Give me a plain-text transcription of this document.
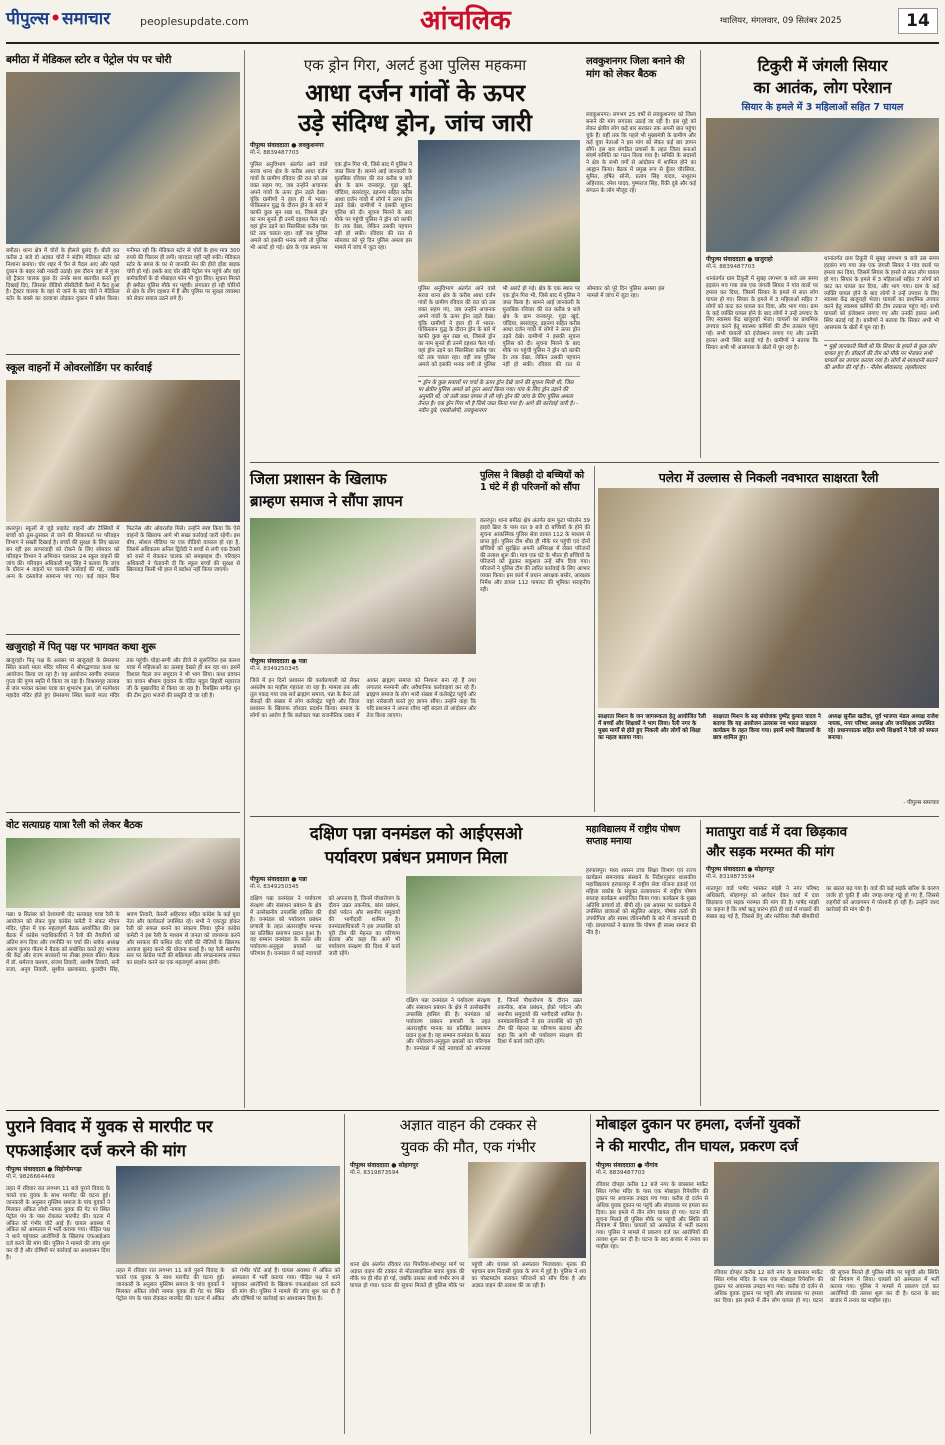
पीपुल्स • समाचार	peoplesupdate.com	आंचलिक	ग्वालियर, मंगलवार, 09 सितंबर 2025	14
बमीठा में मेडिकल स्टोर व पेट्रोल पंप पर चोरी
बमीठा। थाना क्षेत्र में चोरों के हौसले बुलंद हैं। बीती रात करीब 2 बजे दो अज्ञात चोरों ने संदीप मेडिकल स्टोर को निशाना बनाया। चोर शहर में चैन से पैदल आए और पहले दुकान के बाहर रखी नकदी उठाई। इस दौरान वहां से गुजर रहे ट्रैक्टर चालक कुछ देर उनके साथ बातचीत करते हुए दिखाई दिए, जिसका वीडियो सीसीटीवी कैमरे में कैद हुआ है। ट्रैक्टर चालक के वहां से जाने के बाद चोरों ने मेडिकल स्टोर के बक्से का दरवाजा तोड़कर दुकान में प्रवेश किया। गनीमत रही कि मेडिकल स्टोर से चोरों के हाथ मात्र 300 रुपये की चिल्लर ही लगी। वारदात यहीं नहीं रुकी। मेडिकल स्टोर के बगल के घर से जानकी सेन की हीरो होंडा बाइक चोरी हो गई। इसके बाद चोर खैरी पेट्रोल पंप पहुंचे और वहां कर्मचारियों के दो मोबाइल फोन भी चुरा लिए। सूचना मिलते ही बमीठा पुलिस मौके पर पहुंची। लगातार हो रही चोरियों से क्षेत्र के लोग दहशत में हैं और पुलिस पर सुरक्षा व्यवस्था को लेकर सवाल उठने लगे हैं।
स्कूल वाहनों में ओवरलोडिंग पर कार्रवाई
छतरपुर। स्कूलों से जुड़े प्राइवेट वाहनों और टैक्सियों में बच्चों को ठूस-ठूसकर ले जाने की शिकायतों पर परिवहन विभाग ने सख्ती दिखाई है। बच्चों की सुरक्षा के लिए खतरा बन रही इस लापरवाही को रोकने के लिए सोमवार को परिवहन विभाग ने अभियान चलाकर 24 स्कूल वाहनों की जांच की। परिवहन अधिकारी मधु सिंह ने बताया कि जांच के दौरान 4 वाहनों पर चालानी कार्रवाई की गई, जबकि अन्य के दस्तावेज सामान्य पाए गए। कई वाहन बिना फिटनेस और ओवरलोड मिले। उन्होंने स्पष्ट किया कि ऐसे वाहनों के खिलाफ आगे भी सख्त कार्रवाई जारी रहेगी। इस बीच, सोशल मीडिया पर एक वीडियो वायरल हो रहा है, जिसमें अधिकतम अनिल द्विवेदी ने बच्चों से लगी एक टैक्सी को रास्ते में रोककर चालक को समझाइश दी। परिवहन अधिकारी ने चेतावनी दी कि स्कूल बच्चों की सुरक्षा से खिलवाड़ किसी भी हाल में बर्दाश्त नहीं किया जाएगा।
खजुराहो में पितृ पक्ष पर भागवत कथा शुरू
खजुराहो। पितृ पक्ष के अवसर पर खजुराहो के प्रेमसागर स्थित कालो माता मंदिर परिसर में श्रीमद्भागवत कथा का आयोजन किया जा रहा है। यह आयोजन स्वर्गीय रामलाल गुप्ता की पुण्य स्मृति में किया जा रहा है। विश्रामगृह तालाब से जल भरकर कलश यात्रा का शुभारंभ हुआ, जो मतंगेश्वर महादेव मंदिर होते हुए प्रेमसागर स्थित कालो माता मंदिर तक पहुंची। घोड़ा-बग्गी और डीजे से सुसज्जित इस कलश यात्रा में महिलाओं का उत्साह देखते ही बन रहा था। इसमें विशाल पैदल जन समुदाय ने भी भाग लिया। कथा प्रवचन का वाचन श्रीधाम वृंदावन के पंडित मृदुल बिहारी महाराज जी के मुखारविंद से किया जा रहा है। रिमझिम संगीत धुन की टीम द्वारा भजनों की प्रस्तुति दी जा रही है।
वोट सत्याग्रह यात्रा रैली को लेकर बैठक
पन्ना। 9 सितंबर को देशव्यापी वोट सत्याग्रह यात्रा रैली के आयोजन को लेकर युवा कांग्रेस कमेटी ने संकट मोचन मंदिर, पुरैना में एक महत्वपूर्ण बैठक आयोजित की। इस बैठक में कांग्रेस पदाधिकारियों ने रैली की तैयारियों को अंतिम रूप दिया और रणनीति पर चर्चा की। ब्लॉक अध्यक्ष अरुण कुमार गौतम ने बैठक को संबोधित करते हुए भाजपा की केंद्र और राज्य सरकारों पर तीखा हमला बोला। बैठक में डॉ. धर्मराज कश्यप, संजय तिवारी, आशीष तिवारी, सनी राजा, अनूप तिवारी, सुशील खरयाबंदा, कुलदीप सिंह, श्रवण तिवारी, केसरी अहिरवार सहित कांग्रेस के कई युवा नेता और कार्यकर्ता उपस्थित रहे। सभी ने एकजुट होकर रैली को सफल बनाने का संकल्प लिया। पुरैना कांग्रेस कमेटी ने इस रैली के माध्यम से जनता को जागरूक करने और सरकार की कथित वोट चोरी की नीतियों के खिलाफ आवाज बुलंद करने की योजना बनाई है। यह रैली स्थानीय स्तर पर कांग्रेस पार्टी की सक्रियता और संगठनात्मक ताकत का प्रदर्शन करने का एक महत्वपूर्ण अवसर होगी।
एक ड्रोन गिरा, अलर्ट हुआ पुलिस महकमा
आधा दर्जन गांवों के ऊपर
उड़े संदिग्ध ड्रोन, जांच जारी
पीपुल्स संवाददाता ● लवकुशनगर
मो.नं. 8839487703
पुलिस अनुविभाग अंतर्गत आने वाले सरवा थाना क्षेत्र के करीब आधा दर्जन गांवों के ग्रामीण रविवार की रात को उस वक्त सहम गए, जब उन्होंने अचानक अपने गांवों के ऊपर ड्रोन उड़ते देखा। चूंकि ग्रामीणों ने हाल ही में भारत-पाकिस्तान युद्ध के दौरान ड्रोन के बारे में काफी कुछ सुन रखा था, जिससे ड्रोन का नाम सुनते ही उनमें दहशत फैल गई। यहां ड्रोन उड़ने का सिलसिला करीब चार घंटे तक चलता रहा। वहीं जब पुलिस अमले को इसकी भनक लगी तो पुलिस भी अलर्ट हो गई। क्षेत्र के एक स्थान पर एक ड्रोन गिरा भी, जिसे बाद में पुलिस ने जब्त किया है। सामने आई जानकारी के मुताबिक रविवार की रात करीब 9 बजे क्षेत्र के ग्राम जनकपुर, गुढ़ा खुर्द, चाँदिया, बरसंदपुर, ढहनगा सहित करीब आधा दर्जन गांवों में लोगों ने ऊपर ड्रोन उड़ते देखे। ग्रामीणों ने इसकी सूचना पुलिस को दी। सूचना मिलने के बाद मौके पर पहुंची पुलिस ने ड्रोन को काफी देर तक देखा, लेकिन उसकी पहचान नहीं हो सकी। रविवार की रात से सोमवार को पूरे दिन पुलिस अमला इस मामले में जांच में जुटा रहा।
पुलिस अनुविभाग अंतर्गत आने वाले सरवा थाना क्षेत्र के करीब आधा दर्जन गांवों के ग्रामीण रविवार की रात को उस वक्त सहम गए, जब उन्होंने अचानक अपने गांवों के ऊपर ड्रोन उड़ते देखा। चूंकि ग्रामीणों ने हाल ही में भारत-पाकिस्तान युद्ध के दौरान ड्रोन के बारे में काफी कुछ सुन रखा था, जिससे ड्रोन का नाम सुनते ही उनमें दहशत फैल गई। यहां ड्रोन उड़ने का सिलसिला करीब चार घंटे तक चलता रहा। वहीं जब पुलिस अमले को इसकी भनक लगी तो पुलिस भी अलर्ट हो गई। क्षेत्र के एक स्थान पर एक ड्रोन गिरा भी, जिसे बाद में पुलिस ने जब्त किया है। सामने आई जानकारी के मुताबिक रविवार की रात करीब 9 बजे क्षेत्र के ग्राम जनकपुर, गुढ़ा खुर्द, चाँदिया, बरसंदपुर, ढहनगा सहित करीब आधा दर्जन गांवों में लोगों ने ऊपर ड्रोन उड़ते देखे। ग्रामीणों ने इसकी सूचना पुलिस को दी। सूचना मिलने के बाद मौके पर पहुंची पुलिस ने ड्रोन को काफी देर तक देखा, लेकिन उसकी पहचान नहीं हो सकी। रविवार की रात से सोमवार को पूरे दिन पुलिस अमला इस मामले में जांच में जुटा रहा।
❝ ड्रोन के कुछ सवालों पर चर्चा के ऊपर ड्रोन देखे जाने की सूचना मिली थी, जिस पर क्षेत्रीय पुलिस अमले को तुरंत अलर्ट किया गया। गांव के लिए ड्रोन उड़ाने की अनुमति थी, जो उसी वक्त वापस ले ली गई। ड्रोन की जांच के लिए पुलिस अमला तैनात है। एक ड्रोन गिरा भी है जिसे जब्त किया गया है। आगे की कार्रवाई जारी है। - नवीन दुबे, एसडीओपी, लवकुशनगर
लवकुशनगर जिला बनाने की मांग को लेकर बैठक
लवकुशनगर। लगभग 25 वर्षों से लवकुशनगर को जिला बनाने की मांग लगातार उठाई जा रही है। इस मुद्दे को लेकर क्षेत्रीय लोग कई बार सरकार तक अपनी बात पहुंचा चुके हैं। वहीं तक कि पहले भी मुख्यमंत्री के ग्रामीण और कई युवा नेताओं ने इस मांग को लेकर कई बार ज्ञापन सौंपे। इस बार संगठित प्रयासों के तहत जिला बनाओ संघर्ष समिति का गठन किया गया है। समिति के सदस्यों ने क्षेत्र के सभी वर्गों से आंदोलन में शामिल होने का आह्वान किया। बैठक में प्रमुख रूप से कुँवर चौरसिया, सुमित, हर्षित सोनी, प्रताप सिंह यादव, नाथूराम अहिरवार, रमेश यादव, पुष्पराज सिंह, रिंकी दुबे और कई संगठन के लोग मौजूद रहे।
टिकुरी में जंगली सियार
का आतंक, लोग परेशान
सियार के हमले में 3 महिलाओं सहित 7 घायल
पीपुल्स संवाददाता ● खजुराहो
मो.नं. 8839487703
थानांतर्गत ग्राम टिकुरी में सुबह लगभग 9 बजे उस समय हड़कंप मच गया जब एक जंगली सियार ने गांव वालों पर हमला कर दिया, जिसमें सियार के हमले से सात लोग घायल हो गए। सियार के हमले में 3 महिलाओं सहित 7 लोगों को काट कर घायल कर दिया, और भाग गया। ग्राम के कई व्यक्ति घायल होने के बाद लोगों ने उन्हें उपचार के लिए स्वास्थ्य केंद्र खजुराहो भेजा। घायलों का प्राथमिक उपचार करने हेतु स्वास्थ्य कर्मियों की टीम तत्काल पहुंच गई। सभी घायलों को इंजेक्शन लगाए गए और उनकी हालत अभी स्थिर बताई गई है। ग्रामीणों ने बताया कि सियार अभी भी आसपास के खेतों में घूम रहा है।
थानांतर्गत ग्राम टिकुरी में सुबह लगभग 9 बजे उस समय हड़कंप मच गया जब एक जंगली सियार ने गांव वालों पर हमला कर दिया, जिसमें सियार के हमले से सात लोग घायल हो गए। सियार के हमले में 3 महिलाओं सहित 7 लोगों को काट कर घायल कर दिया, और भाग गया। ग्राम के कई व्यक्ति घायल होने के बाद लोगों ने उन्हें उपचार के लिए स्वास्थ्य केंद्र खजुराहो भेजा। घायलों का प्राथमिक उपचार करने हेतु स्वास्थ्य कर्मियों की टीम तत्काल पहुंच गई। सभी घायलों को इंजेक्शन लगाए गए और उनकी हालत अभी स्थिर बताई गई है। ग्रामीणों ने बताया कि सियार अभी भी आसपास के खेतों में घूम रहा है।
❝ मुझे जानकारी मिली थी कि सियार के हमले से कुछ लोग घायल हुए हैं। डॉक्टरों की टीम को मौके पर भेजकर सभी घायलों का उपचार कराया गया है। लोगों से सावधानी बरतने की अपील की गई है। - नीलेश श्रीवास्तव, तहसीलदार
जिला प्रशासन के खिलाफ
ब्राम्हण समाज ने सौंपा ज्ञापन
पीपुल्स संवाददाता ● पन्ना
मो.नं. 8349250345
जिले में इन दिनों प्रशासन की कार्यप्रणाली को लेकर असंतोष का माहौल गहराता जा रहा है। मामला तब और तूल पकड़ गया जब सर्व ब्राह्मण समाज, पन्ना के बैनर तले सैकड़ों की संख्या में लोग कलेक्ट्रेट पहुंचे और जिला प्रशासन के खिलाफ जोरदार प्रदर्शन किया। समाज के लोगों का आरोप है कि कलेक्टर पन्ना राजनीतिक दबाव में आकर ब्राह्मण समाज को निशाना बना रहे हैं तथा लगातार मनमानी और अवैधानिक कार्रवाइयां कर रहे हैं। ब्राह्मण समाज के लोग भारी संख्या में कलेक्ट्रेट पहुंचे और वहां नारेबाजी करते हुए ज्ञापन सौंपा। उन्होंने कहा कि यदि प्रशासन ने अपना रवैया नहीं बदला तो आंदोलन और तेज किया जाएगा।
पुलिस ने बिछड़ी दो बच्चियों को 1 घंटे में ही परिजनों को सौंपा
छतरपुर। थाना बमीठा क्षेत्र अंतर्गत ग्राम फुटा फोरलेन 39 हाइवे ब्रिज के पास रात 9 बजे दो बच्चियों के होने की सूचना आकस्मिक पुलिस सेवा डायल 112 के माध्यम से प्राप्त हुई। पुलिस टीम शीघ्र ही मौके पर पहुंची एवं दोनों बच्चियों को सुरक्षित अपनी अभिरक्षा में लेकर परिजनों की तलाश शुरू की। मात्र एक घंटे के भीतर ही बच्चियों के परिजनों को ढूंढकर सकुशल उन्हें सौंप दिया गया। परिजनों ने पुलिस टीम की त्वरित कार्रवाई के लिए आभार व्यक्त किया। इस कार्य में प्रधान आरक्षक बसोर, आरक्षक निर्मेश और डायल 112 पायलट की भूमिका सराहनीय रही।
पलेरा में उल्लास से निकली नवभारत साक्षरता रैली
साक्षरता मिशन के जन जागरूकता हेतु आयोजित रैली में बच्चों और शिक्षकों ने भाग लिया। रैली नगर के मुख्य मार्गों से होते हुए निकली और लोगों को शिक्षा का महत्व बताया गया।
साक्षरता मिशन के सह संयोजक पुष्पेंद्र कुमार यादव ने बताया कि यह आयोजन उल्लास नव भारत साक्षरता कार्यक्रम के तहत किया गया। इसमें सभी विद्यालयों के छात्र शामिल हुए।
अध्यक्ष सुनील खटीक, पूर्व भाजपा मंडल अध्यक्ष राजेश नायक, नगर परिषद अध्यक्ष और जनशिक्षक उपस्थित रहे। प्रधानपाठक सहित सभी शिक्षकों ने रैली को सफल बनाया।
- पीपुल्स समाचार
दक्षिण पन्ना वनमंडल को आईएसओ
पर्यावरण प्रबंधन प्रमाणन मिला
पीपुल्स संवाददाता ● पन्ना
मो.नं. 8349250345
दक्षिण पन्ना वनमंडल ने पर्यावरण संरक्षण और संसाधन प्रबंधन के क्षेत्र में उल्लेखनीय उपलब्धि हासिल की है। वनमंडल को पर्यावरण प्रबंधन प्रणाली के तहत अंतरराष्ट्रीय मानक का प्रतिष्ठित प्रमाणन प्रदान हुआ है। यह सम्मान वनमंडल के सतत और पर्यावरण-अनुकूल प्रयासों का परिणाम है। वनमंडल में कई नवाचारों को अपनाया है, जिनमें पौधारोपण के दौरान उन्नत तकनीक, बांस प्रबंधन, ईको पर्यटन और स्थानीय समुदायों की भागीदारी शामिल है। वनमंडलाधिकारी ने इस उपलब्धि को पूरी टीम की मेहनत का परिणाम बताया और कहा कि आगे भी पर्यावरण संरक्षण की दिशा में कार्य जारी रहेंगे।
दक्षिण पन्ना वनमंडल ने पर्यावरण संरक्षण और संसाधन प्रबंधन के क्षेत्र में उल्लेखनीय उपलब्धि हासिल की है। वनमंडल को पर्यावरण प्रबंधन प्रणाली के तहत अंतरराष्ट्रीय मानक का प्रतिष्ठित प्रमाणन प्रदान हुआ है। यह सम्मान वनमंडल के सतत और पर्यावरण-अनुकूल प्रयासों का परिणाम है। वनमंडल में कई नवाचारों को अपनाया है, जिनमें पौधारोपण के दौरान उन्नत तकनीक, बांस प्रबंधन, ईको पर्यटन और स्थानीय समुदायों की भागीदारी शामिल है। वनमंडलाधिकारी ने इस उपलब्धि को पूरी टीम की मेहनत का परिणाम बताया और कहा कि आगे भी पर्यावरण संरक्षण की दिशा में कार्य जारी रहेंगे।
महाविद्यालय में राष्ट्रीय पोषण सप्ताह मनाया
हरपालपुर। मध्य शासन उच्च शिक्षा विभाग एवं राज्य कार्यक्रम समन्वयक संस्थाने के निर्देशानुसार शासकीय महाविद्यालय हरपालपुर में राष्ट्रीय सेवा योजना इकाई एवं महिला प्रकोष्ठ के संयुक्त तत्वावधान में राष्ट्रीय पोषण सप्ताह कार्यक्रम आयोजित किया गया। कार्यक्रम के मुख्य अतिथि प्राचार्य डॉ. बीपी रहे। इस अवसर पर कार्यक्रम में उपस्थित छात्राओं को संतुलित आहार, पोषक तत्वों की उपयोगिता और स्वस्थ जीवनशैली के बारे में जानकारी दी गई। प्राध्यापकों ने बताया कि पोषण ही स्वस्थ समाज की नींव है।
मातापुरा वार्ड में दवा छिड़काव
और सड़क मरम्मत की मांग
पीपुल्स संवाददाता ● सोहागपुर
मो.नं. 8319873594
मातापुरा वार्ड पार्षद भास्कर मांझी ने नगर परिषद अधिकारी, सोहागपुर को आवेदन देकर वार्ड में दवा छिड़काव एवं सड़क मरम्मत की मांग की है। पार्षद मांझी का कहना है कि वर्षा ऋतु प्रारंभ होते ही वार्ड में मच्छरों की संख्या बढ़ गई है, जिससे डेंगू और मलेरिया जैसी बीमारियों का खतरा बढ़ गया है। वार्ड की कई सड़कें बारिश के कारण जर्जर हो चुकी हैं और जगह-जगह गड्ढे हो गए हैं, जिससे राहगीरों को आवागमन में परेशानी हो रही है। उन्होंने जल्द कार्रवाई की मांग की है।
पुराने विवाद में युवक से मारपीट पर
एफआईआर दर्ज करने की मांग
पीपुल्स संवाददाता ● सिहोनीमगढ़ा
मो.नं. 9826664469
तहत में रविवार रात लगभग 11 बजे पुराने विवाद के चलते एक युवक के साथ मारपीट की घटना हुई। जानकारी के अनुसार मुस्लिम समाज के पांच युवकों ने मिलकर अंकित लोधी नामक युवक की गेट पर स्थित पेट्रोल पंप के पास रोककर मारपीट की। घटना में अंकित को गंभीर चोटें आई हैं। घायल अवस्था में अंकित को अस्पताल में भर्ती कराया गया। पीड़ित पक्ष ने थाने पहुंचकर आरोपियों के खिलाफ एफआईआर दर्ज करने की मांग की। पुलिस ने मामले की जांच शुरू कर दी है और दोषियों पर कार्रवाई का आश्वासन दिया है।
तहत में रविवार रात लगभग 11 बजे पुराने विवाद के चलते एक युवक के साथ मारपीट की घटना हुई। जानकारी के अनुसार मुस्लिम समाज के पांच युवकों ने मिलकर अंकित लोधी नामक युवक की गेट पर स्थित पेट्रोल पंप के पास रोककर मारपीट की। घटना में अंकित को गंभीर चोटें आई हैं। घायल अवस्था में अंकित को अस्पताल में भर्ती कराया गया। पीड़ित पक्ष ने थाने पहुंचकर आरोपियों के खिलाफ एफआईआर दर्ज करने की मांग की। पुलिस ने मामले की जांच शुरू कर दी है और दोषियों पर कार्रवाई का आश्वासन दिया है।
अज्ञात वाहन की टक्कर से
युवक की मौत, एक गंभीर
पीपुल्स संवाददाता ● सोहागपुर
मो.नं. 8319873594
थाना क्षेत्र अंतर्गत रविवार रात पिपरिया-शोभापुर मार्ग पर अज्ञात वाहन की टक्कर से मोटरसाइकिल सवार युवक की मौके पर ही मौत हो गई, जबकि उसका साथी गंभीर रूप से घायल हो गया। घटना की सूचना मिलते ही पुलिस मौके पर पहुंची और घायल को अस्पताल भिजवाया। मृतक की पहचान ग्राम निवासी युवक के रूप में हुई है। पुलिस ने शव का पोस्टमार्टम कराकर परिजनों को सौंप दिया है और अज्ञात वाहन की तलाश की जा रही है।
मोबाइल दुकान पर हमला, दर्जनों युवकों
ने की मारपीट, तीन घायल, प्रकरण दर्ज
पीपुल्स संवाददाता ● नौगांव
मो.नं. 8839487703
रविवार दोपहर करीब 12 बजे नगर के छत्रसाल मार्केट स्थित गणेश मंदिर के पास एक मोबाइल रिपेयरिंग की दुकान पर अचानक उपद्रव मच गया। करीब दो दर्जन से अधिक युवक दुकान पर पहुंचे और संचालक पर हमला कर दिया। इस हमले में तीन लोग घायल हो गए। घटना की सूचना मिलते ही पुलिस मौके पर पहुंची और स्थिति को नियंत्रण में लिया। घायलों को अस्पताल में भर्ती कराया गया। पुलिस ने मामले में प्रकरण दर्ज कर आरोपियों की तलाश शुरू कर दी है। घटना के बाद बाजार में तनाव का माहौल रहा।
रविवार दोपहर करीब 12 बजे नगर के छत्रसाल मार्केट स्थित गणेश मंदिर के पास एक मोबाइल रिपेयरिंग की दुकान पर अचानक उपद्रव मच गया। करीब दो दर्जन से अधिक युवक दुकान पर पहुंचे और संचालक पर हमला कर दिया। इस हमले में तीन लोग घायल हो गए। घटना की सूचना मिलते ही पुलिस मौके पर पहुंची और स्थिति को नियंत्रण में लिया। घायलों को अस्पताल में भर्ती कराया गया। पुलिस ने मामले में प्रकरण दर्ज कर आरोपियों की तलाश शुरू कर दी है। घटना के बाद बाजार में तनाव का माहौल रहा।
